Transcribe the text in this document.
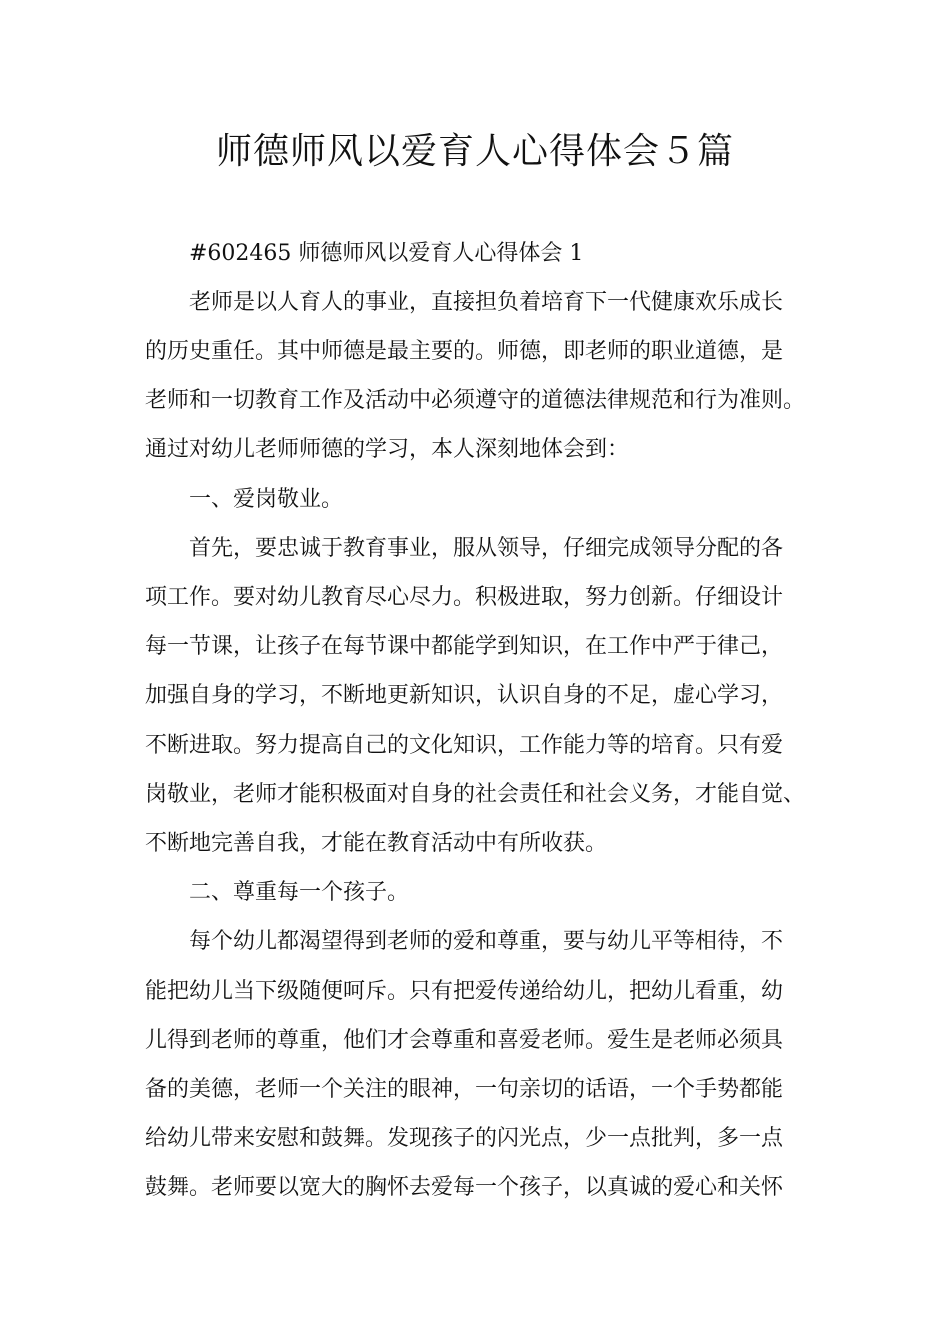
师德师风以爱育人心得体会５篇

#602465 师德师风以爱育人心得体会 1

老师是以人育人的事业，直接担负着培育下一代健康欢乐成长

的历史重任。其中师德是最主要的。师德，即老师的职业道德，是

老师和一切教育工作及活动中必须遵守的道德法律规范和行为准则。

通过对幼儿老师师德的学习，本人深刻地体会到：

一、爱岗敬业。

首先，要忠诚于教育事业，服从领导，仔细完成领导分配的各

项工作。要对幼儿教育尽心尽力。积极进取，努力创新。仔细设计

每一节课，让孩子在每节课中都能学到知识，在工作中严于律己，

加强自身的学习，不断地更新知识，认识自身的不足，虚心学习，

不断进取。努力提高自己的文化知识，工作能力等的培育。只有爱

岗敬业，老师才能积极面对自身的社会责任和社会义务，才能自觉、

不断地完善自我，才能在教育活动中有所收获。

二、尊重每一个孩子。

每个幼儿都渴望得到老师的爱和尊重，要与幼儿平等相待，不

能把幼儿当下级随便呵斥。只有把爱传递给幼儿，把幼儿看重，幼

儿得到老师的尊重，他们才会尊重和喜爱老师。爱生是老师必须具

备的美德，老师一个关注的眼神，一句亲切的话语，一个手势都能

给幼儿带来安慰和鼓舞。发现孩子的闪光点，少一点批判，多一点

鼓舞。老师要以宽大的胸怀去爱每一个孩子，以真诚的爱心和关怀
